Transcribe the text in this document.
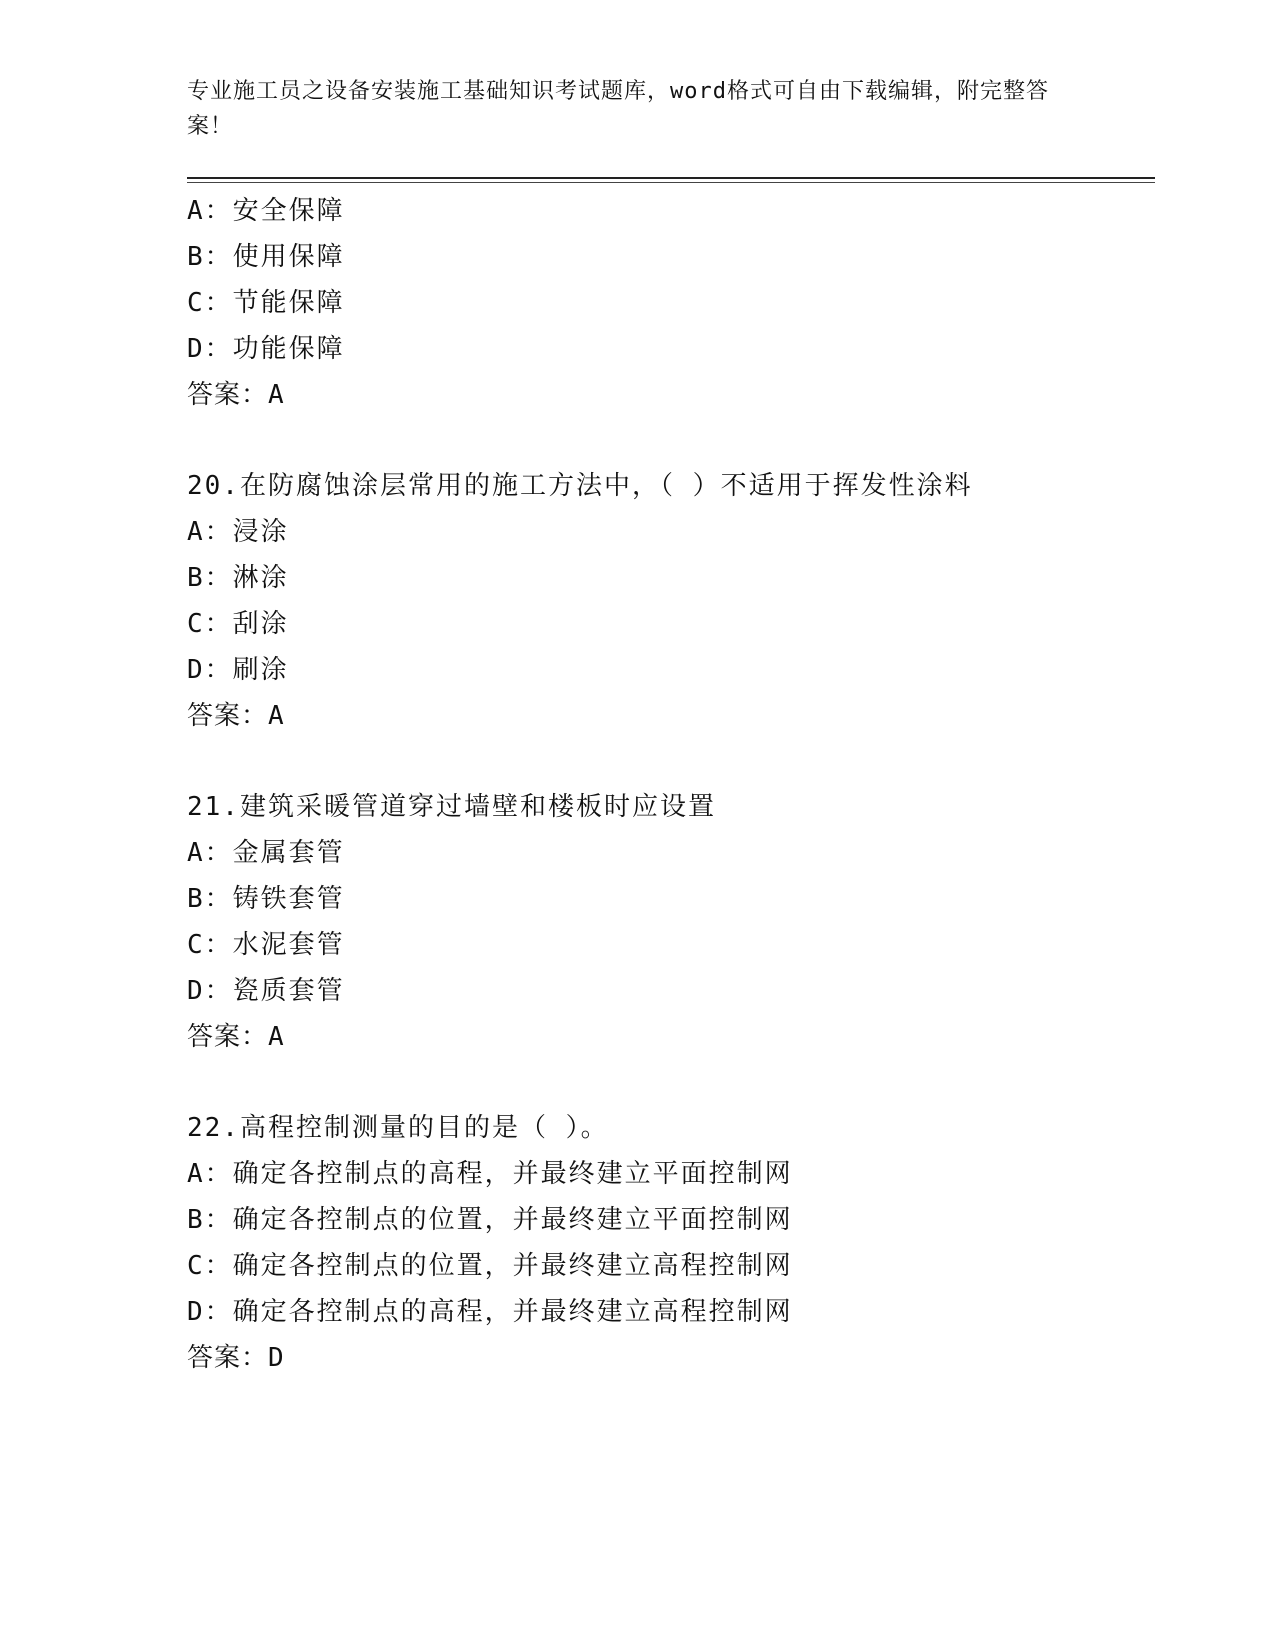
专业施工员之设备安装施工基础知识考试题库，word格式可自由下载编辑，附完整答案！
A：安全保障
B：使用保障
C：节能保障
D：功能保障
答案：A
20.在防腐蚀涂层常用的施工方法中，（ ）不适用于挥发性涂料
A：浸涂
B：淋涂
C：刮涂
D：刷涂
答案：A
21.建筑采暖管道穿过墙壁和楼板时应设置
A：金属套管
B：铸铁套管
C：水泥套管
D：瓷质套管
答案：A
22.高程控制测量的目的是（ ）。
A：确定各控制点的高程，并最终建立平面控制网
B：确定各控制点的位置，并最终建立平面控制网
C：确定各控制点的位置，并最终建立高程控制网
D：确定各控制点的高程，并最终建立高程控制网
答案：D
